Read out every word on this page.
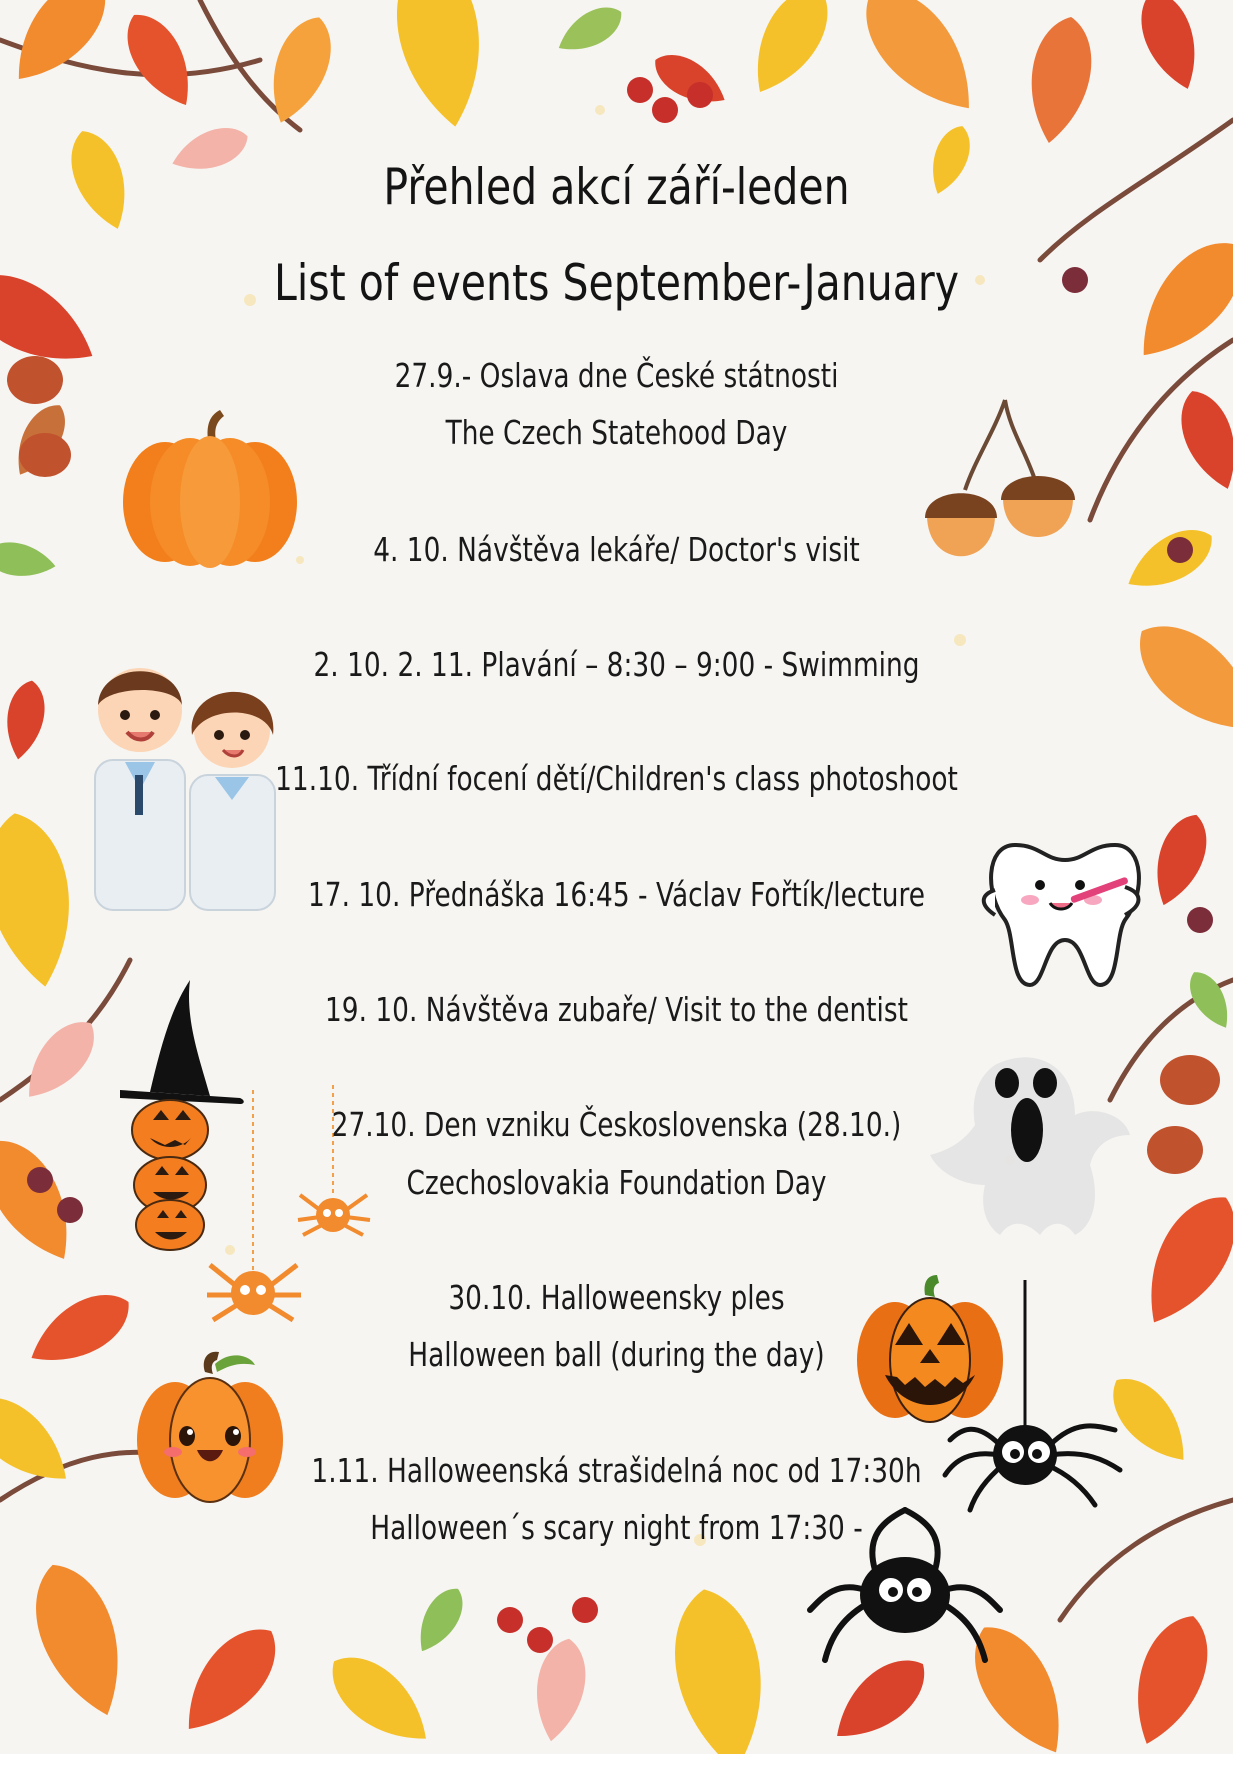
Přehled akcí září-leden
List of events September-January
27.9.- Oslava dne České státnosti
The Czech Statehood Day
4. 10. Návštěva lekáře/ Doctor's visit
2. 10. 2. 11. Plavání – 8:30 – 9:00 - Swimming
11.10. Třídní focení dětí/Children's class photoshoot
17. 10. Přednáška 16:45 - Václav Fořtík/lecture
19. 10. Návštěva zubaře/ Visit to the dentist
27.10. Den vzniku Československa (28.10.)
Czechoslovakia Foundation Day
30.10. Halloweensky ples
Halloween ball (during the day)
1.11. Halloweenská strašidelná noc od 17:30h
Halloween´s scary night from 17:30 -
